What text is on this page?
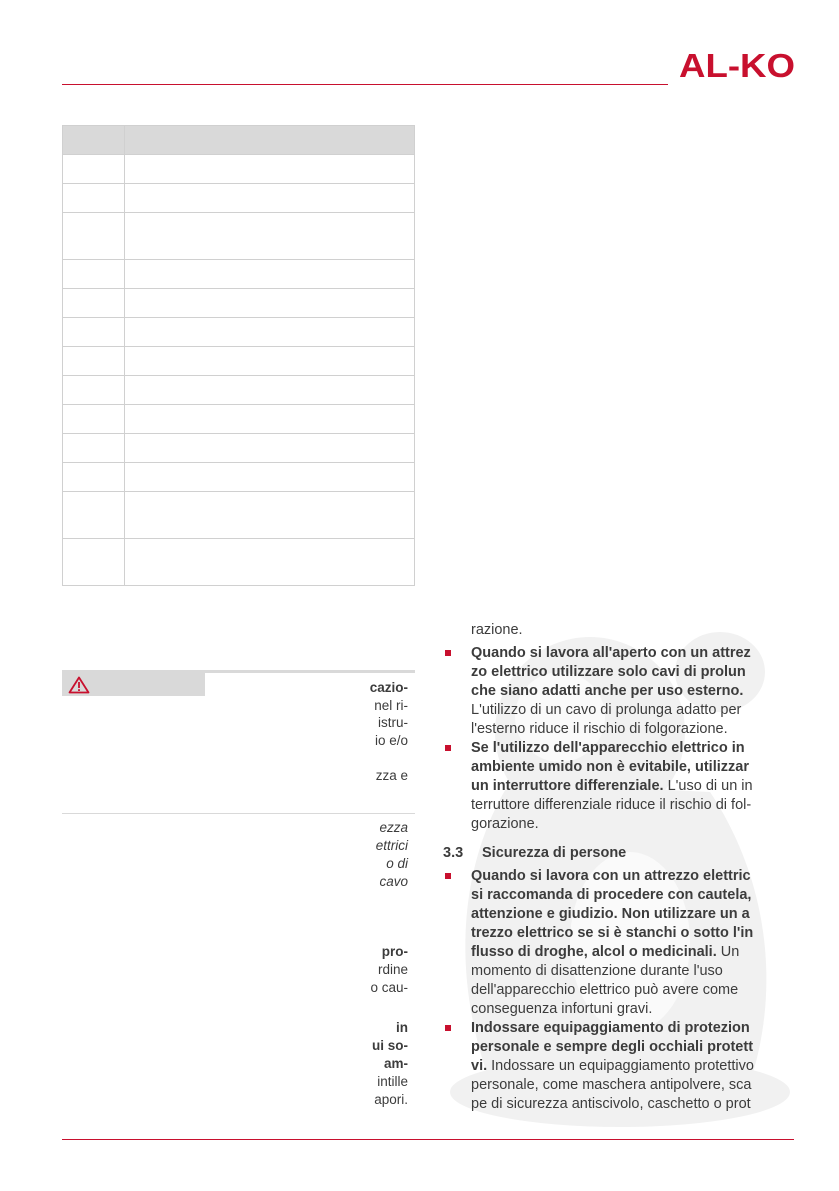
AL-KO

cazio-
nel ri-
istru-
io e/o
zza e
ezza
ettrici
o di
cavo
pro-
rdine
o cau-
in
ui so-
am-
intille
apori.
razione.
Quando si lavora all'aperto con un attrez
zo elettrico utilizzare solo cavi di prolun
che siano adatti anche per uso esterno.
L'utilizzo di un cavo di prolunga adatto per
l'esterno riduce il rischio di folgorazione.
Se l'utilizzo dell'apparecchio elettrico in
ambiente umido non è evitabile, utilizzar
un interruttore differenziale. L'uso di un in
terruttore differenziale riduce il rischio di fol-
gorazione.
3.3 Sicurezza di persone
Quando si lavora con un attrezzo elettric
si raccomanda di procedere con cautela,
attenzione e giudizio. Non utilizzare un a
trezzo elettrico se si è stanchi o sotto l'in
flusso di droghe, alcol o medicinali. Un
momento di disattenzione durante l'uso
dell'apparecchio elettrico può avere come
conseguenza infortuni gravi.
Indossare equipaggiamento di protezion
personale e sempre degli occhiali protett
vi. Indossare un equipaggiamento protettivo
personale, come maschera antipolvere, sca
pe di sicurezza antiscivolo, caschetto o prot
